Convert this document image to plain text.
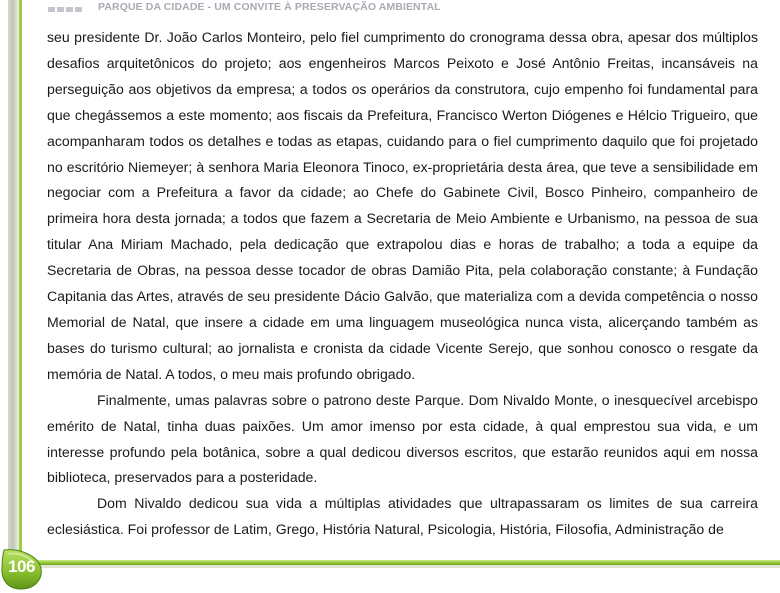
PARQUE DA CIDADE - UM CONVITE À PRESERVAÇÃO AMBIENTAL

seu presidente Dr. João Carlos Monteiro, pelo fiel cumprimento do cronograma dessa obra, apesar dos múltiplos desafios arquitetônicos do projeto; aos engenheiros Marcos Peixoto e José Antônio Freitas, incansáveis na perseguição aos objetivos da empresa; a todos os operários da construtora, cujo empenho foi fundamental para que chegássemos a este momento; aos fiscais da Prefeitura, Francisco Werton Diógenes e Hélcio Trigueiro, que acompanharam todos os detalhes e todas as etapas, cuidando para o fiel cumprimento daquilo que foi projetado no escritório Niemeyer; à senhora Maria Eleonora Tinoco, ex-proprietária desta área, que teve a sensibilidade em negociar com a Prefeitura a favor da cidade; ao Chefe do Gabinete Civil, Bosco Pinheiro, companheiro de primeira hora desta jornada; a todos que fazem a Secretaria de Meio Ambiente e Urbanismo, na pessoa de sua titular Ana Miriam Machado, pela dedicação que extrapolou dias e horas de trabalho; a toda a equipe da Secretaria de Obras, na pessoa desse tocador de obras Damião Pita, pela colaboração constante; à Fundação Capitania das Artes, através de seu presidente Dácio Galvão, que materializa com a devida competência o nosso Memorial de Natal, que insere a cidade em uma linguagem museológica nunca vista, alicerçando também as bases do turismo cultural; ao jornalista e cronista da cidade Vicente Serejo, que sonhou conosco o resgate da memória de Natal. A todos, o meu mais profundo obrigado.

Finalmente, umas palavras sobre o patrono deste Parque. Dom Nivaldo Monte, o inesquecível arcebispo emérito de Natal, tinha duas paixões. Um amor imenso por esta cidade, à qual emprestou sua vida, e um interesse profundo pela botânica, sobre a qual dedicou diversos escritos, que estarão reunidos aqui em nossa biblioteca, preservados para a posteridade.

Dom Nivaldo dedicou sua vida a múltiplas atividades que ultrapassaram os limites de sua carreira eclesiástica. Foi professor de Latim, Grego, História Natural, Psicologia, História, Filosofia, Administração de

106
